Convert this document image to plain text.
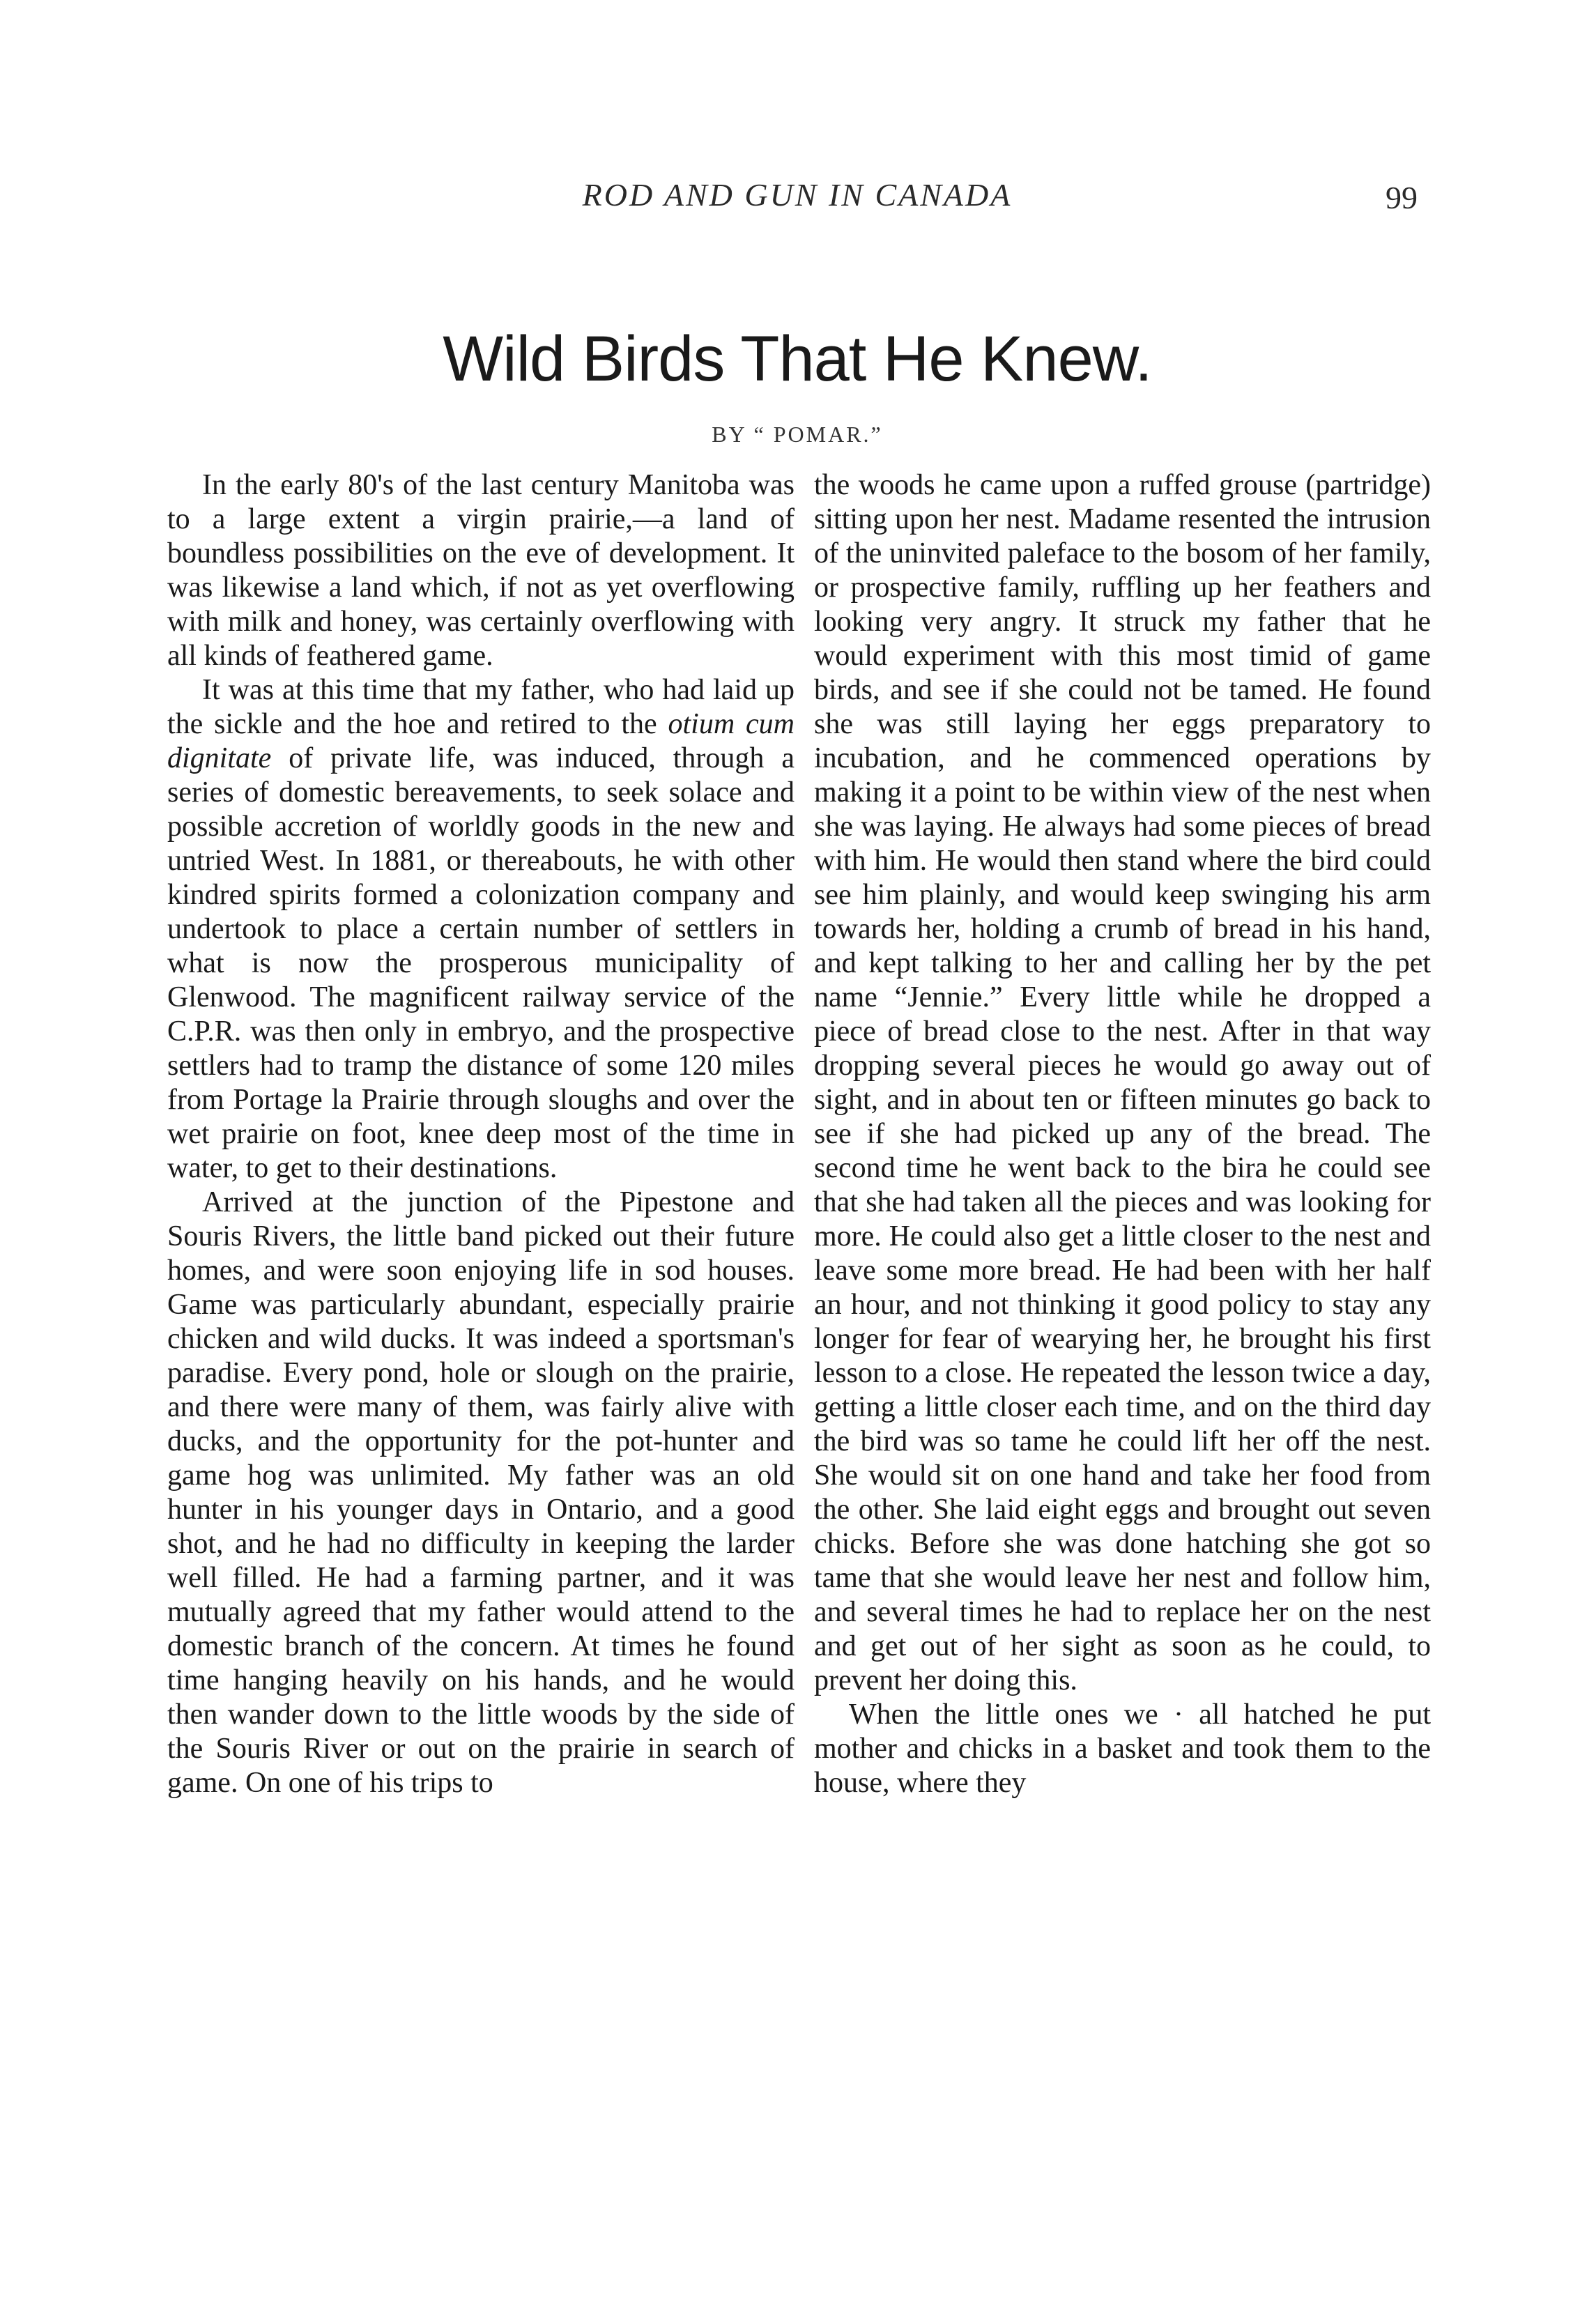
ROD AND GUN IN CANADA	99
Wild Birds That He Knew.
BY “ POMAR.”

In the early 80's of the last century Manitoba was to a large extent a virgin prairie,—a land of boundless possibilities on the eve of development. It was likewise a land which, if not as yet overflowing with milk and honey, was certainly overflowing with all kinds of feathered game.

It was at this time that my father, who had laid up the sickle and the hoe and retired to the otium cum dignitate of private life, was induced, through a series of domestic bereavements, to seek solace and possible accretion of worldly goods in the new and untried West. In 1881, or thereabouts, he with other kindred spirits formed a colonization company and undertook to place a certain number of settlers in what is now the prosperous municipality of Glenwood. The magnificent railway service of the C.P.R. was then only in embryo, and the prospective settlers had to tramp the distance of some 120 miles from Portage la Prairie through sloughs and over the wet prairie on foot, knee deep most of the time in water, to get to their destinations.

Arrived at the junction of the Pipestone and Souris Rivers, the little band picked out their future homes, and were soon enjoying life in sod houses. Game was particularly abundant, especially prairie chicken and wild ducks. It was indeed a sportsman's paradise. Every pond, hole or slough on the prairie, and there were many of them, was fairly alive with ducks, and the opportunity for the pot-hunter and game hog was unlimited. My father was an old hunter in his younger days in Ontario, and a good shot, and he had no difficulty in keeping the larder well filled. He had a farming partner, and it was mutually agreed that my father would attend to the domestic branch of the concern. At times he found time hanging heavily on his hands, and he would then wander down to the little woods by the side of the Souris River or out on the prairie in search of game. On one of his trips to

the woods he came upon a ruffed grouse (partridge) sitting upon her nest. Madame resented the intrusion of the uninvited paleface to the bosom of her family, or prospective family, ruffling up her feathers and looking very angry. It struck my father that he would experiment with this most timid of game birds, and see if she could not be tamed. He found she was still laying her eggs preparatory to incubation, and he commenced operations by making it a point to be within view of the nest when she was laying. He always had some pieces of bread with him. He would then stand where the bird could see him plainly, and would keep swinging his arm towards her, holding a crumb of bread in his hand, and kept talking to her and calling her by the pet name “Jennie.” Every little while he dropped a piece of bread close to the nest. After in that way dropping several pieces he would go away out of sight, and in about ten or fifteen minutes go back to see if she had picked up any of the bread. The second time he went back to the bira he could see that she had taken all the pieces and was looking for more. He could also get a little closer to the nest and leave some more bread. He had been with her half an hour, and not thinking it good policy to stay any longer for fear of wearying her, he brought his first lesson to a close. He repeated the lesson twice a day, getting a little closer each time, and on the third day the bird was so tame he could lift her off the nest. She would sit on one hand and take her food from the other. She laid eight eggs and brought out seven chicks. Before she was done hatching she got so tame that she would leave her nest and follow him, and several times he had to replace her on the nest and get out of her sight as soon as he could, to prevent her doing this.

When the little ones we · all hatched he put mother and chicks in a basket and took them to the house, where they
